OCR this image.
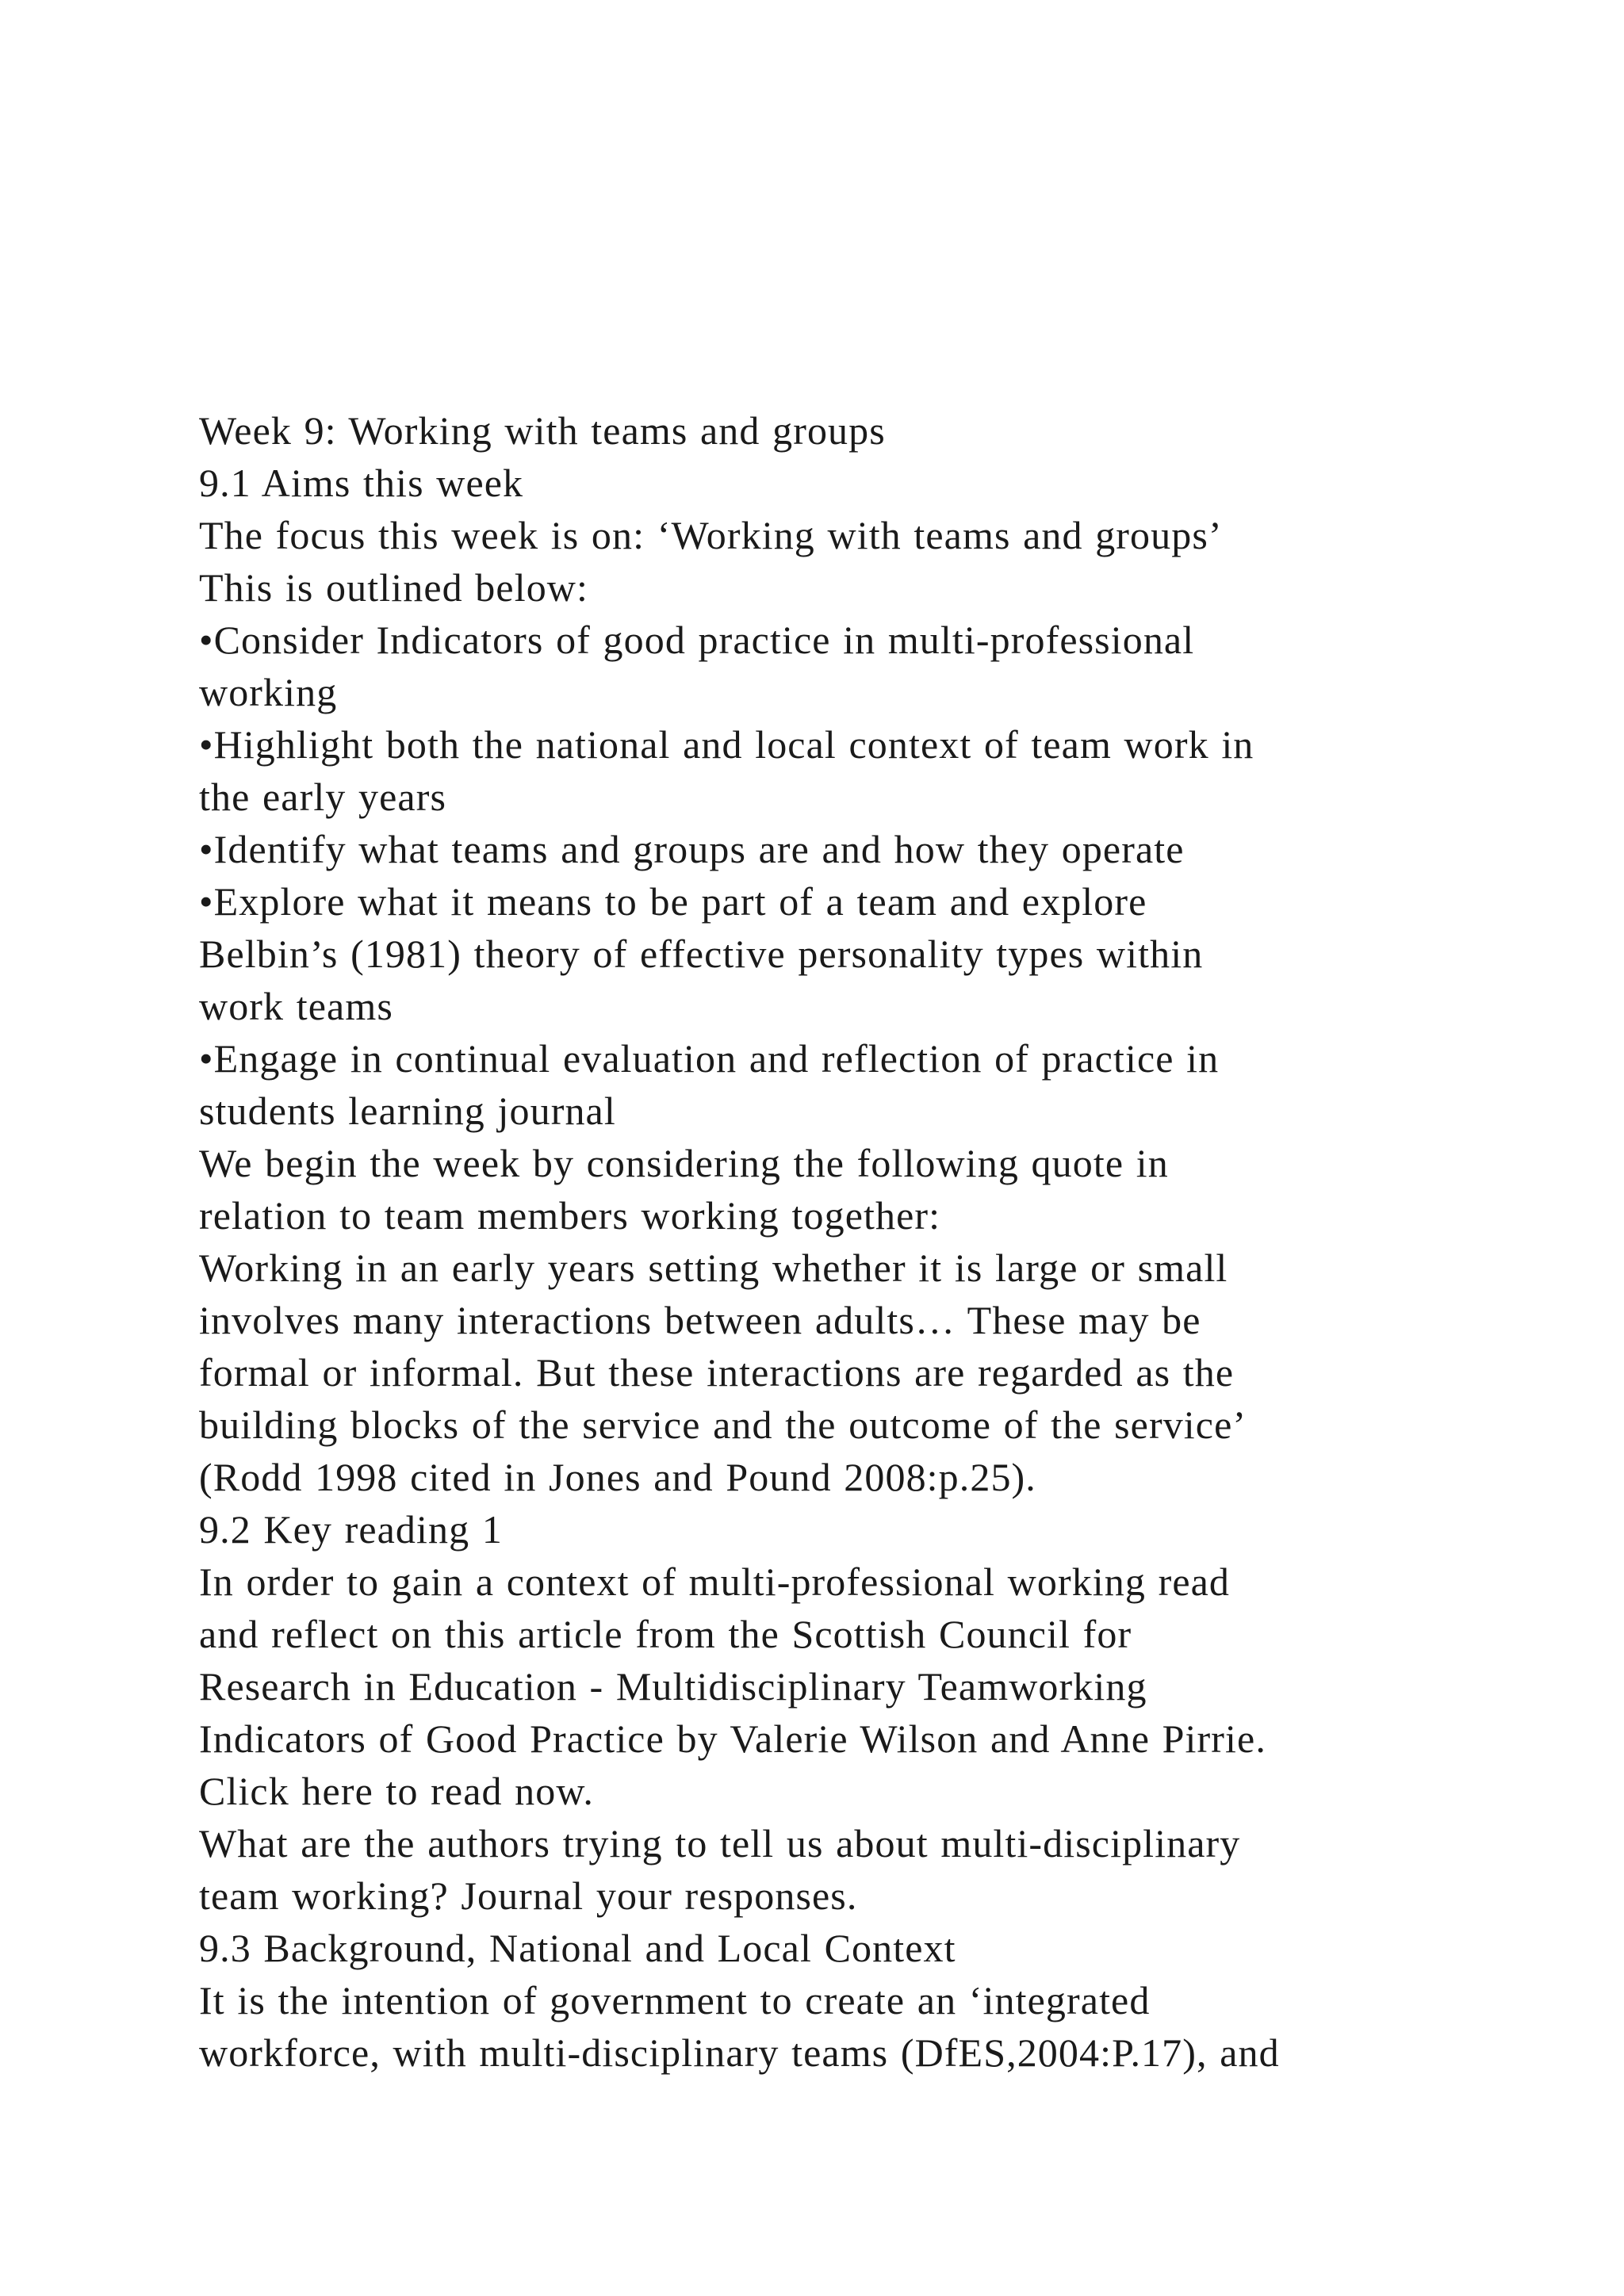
Week 9: Working with teams and groups
9.1 Aims this week
The focus this week is on: ‘Working with teams and groups’
This is outlined below:
•Consider Indicators of good practice in multi-professional
working
•Highlight both the national and local context of team work in
the early years
•Identify what teams and groups are and how they operate
•Explore what it means to be part of a team and explore
Belbin’s (1981) theory of effective personality types within
work teams
•Engage in continual evaluation and reflection of practice in
students learning journal
We begin the week by considering the following quote in
relation to team members working together:
Working in an early years setting whether it is large or small
involves many interactions between adults… These may be
formal or informal. But these interactions are regarded as the
building blocks of the service and the outcome of the service’
(Rodd 1998 cited in Jones and Pound 2008:p.25).
9.2 Key reading 1
In order to gain a context of multi-professional working read
and reflect on this article from the Scottish Council for
Research in Education - Multidisciplinary Teamworking
Indicators of Good Practice by Valerie Wilson and Anne Pirrie.
Click here to read now.
What are the authors trying to tell us about multi-disciplinary
team working? Journal your responses.
9.3 Background, National and Local Context
It is the intention of government to create an ‘integrated
workforce, with multi-disciplinary teams (DfES,2004:P.17), and
